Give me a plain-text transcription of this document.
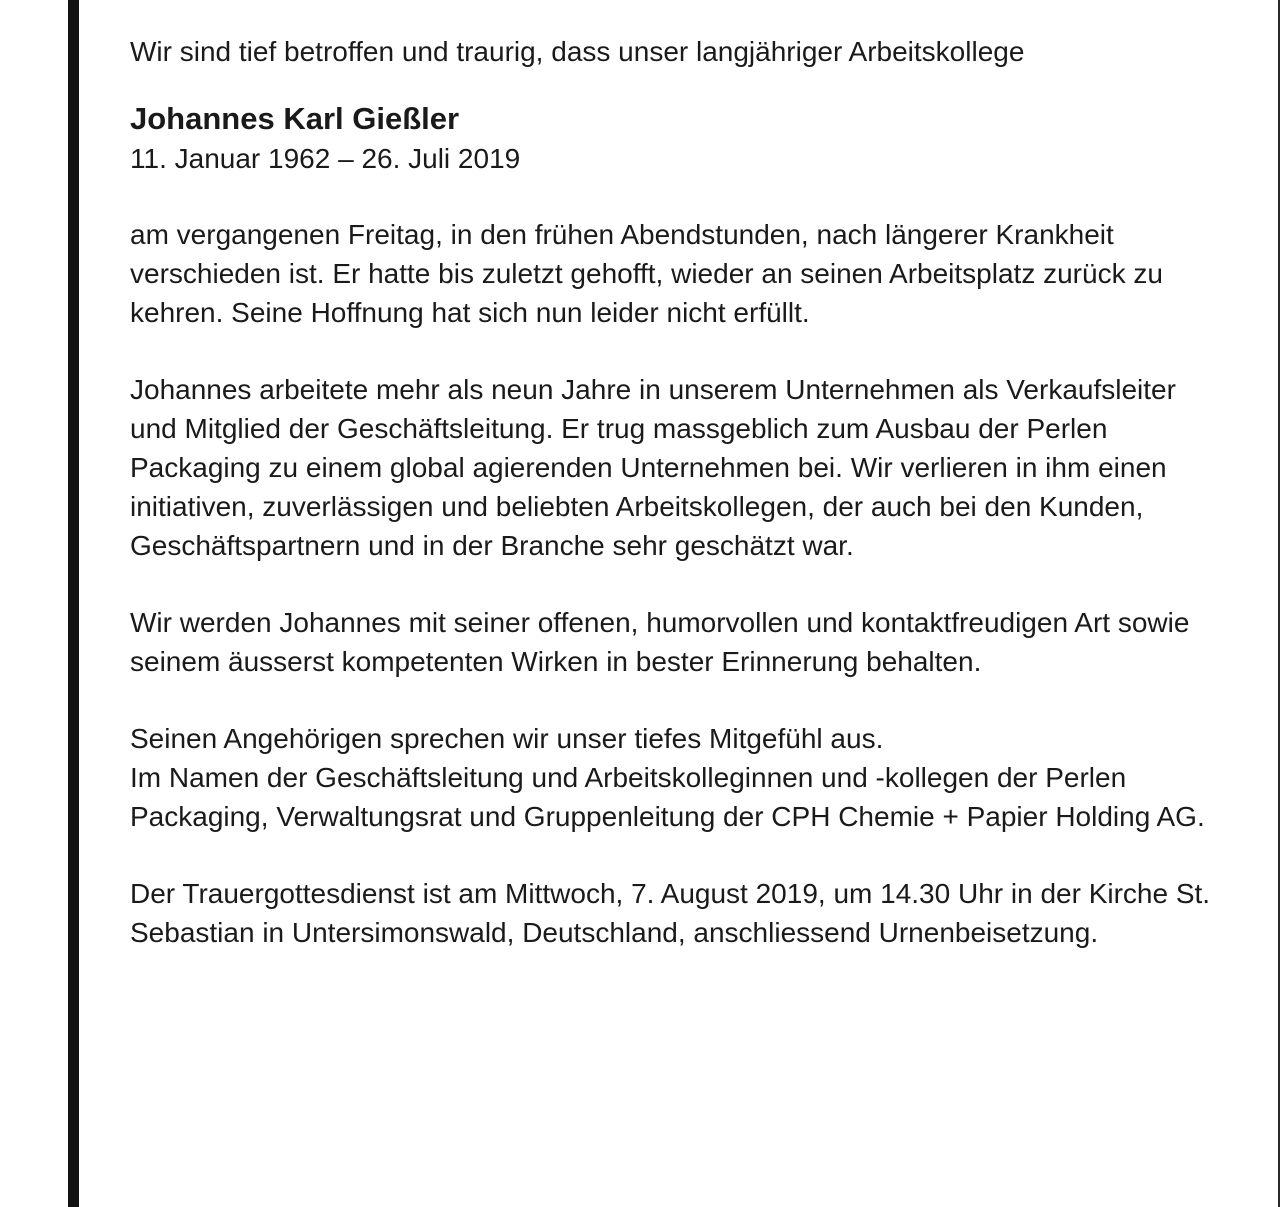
Wir sind tief betroffen und traurig, dass unser langjähriger Arbeitskollege

Johannes Karl Gießler

11. Januar 1962 – 26. Juli 2019

am vergangenen Freitag, in den frühen Abendstunden, nach längerer Krankheit verschieden ist. Er hatte bis zuletzt gehofft, wieder an seinen Arbeitsplatz zurück zu kehren. Seine Hoffnung hat sich nun leider nicht erfüllt.

Johannes arbeitete mehr als neun Jahre in unserem Unternehmen als Verkaufsleiter und Mitglied der Geschäftsleitung. Er trug massgeblich zum Ausbau der Perlen Packaging zu einem global agierenden Unternehmen bei. Wir verlieren in ihm einen initiativen, zuverlässigen und beliebten Arbeitskollegen, der auch bei den Kunden, Geschäftspartnern und in der Branche sehr geschätzt war.

Wir werden Johannes mit seiner offenen, humorvollen und kontaktfreudigen Art sowie seinem äusserst kompetenten Wirken in bester Erinnerung behalten.

Seinen Angehörigen sprechen wir unser tiefes Mitgefühl aus.

Im Namen der Geschäftsleitung und Arbeitskolleginnen und -kollegen der Perlen Packaging, Verwaltungsrat und Gruppenleitung der CPH Chemie + Papier Holding AG.

Der Trauergottesdienst ist am Mittwoch, 7. August 2019, um 14.30 Uhr in der Kirche St. Sebastian in Untersimonswald, Deutschland, anschliessend Urnenbeisetzung.
